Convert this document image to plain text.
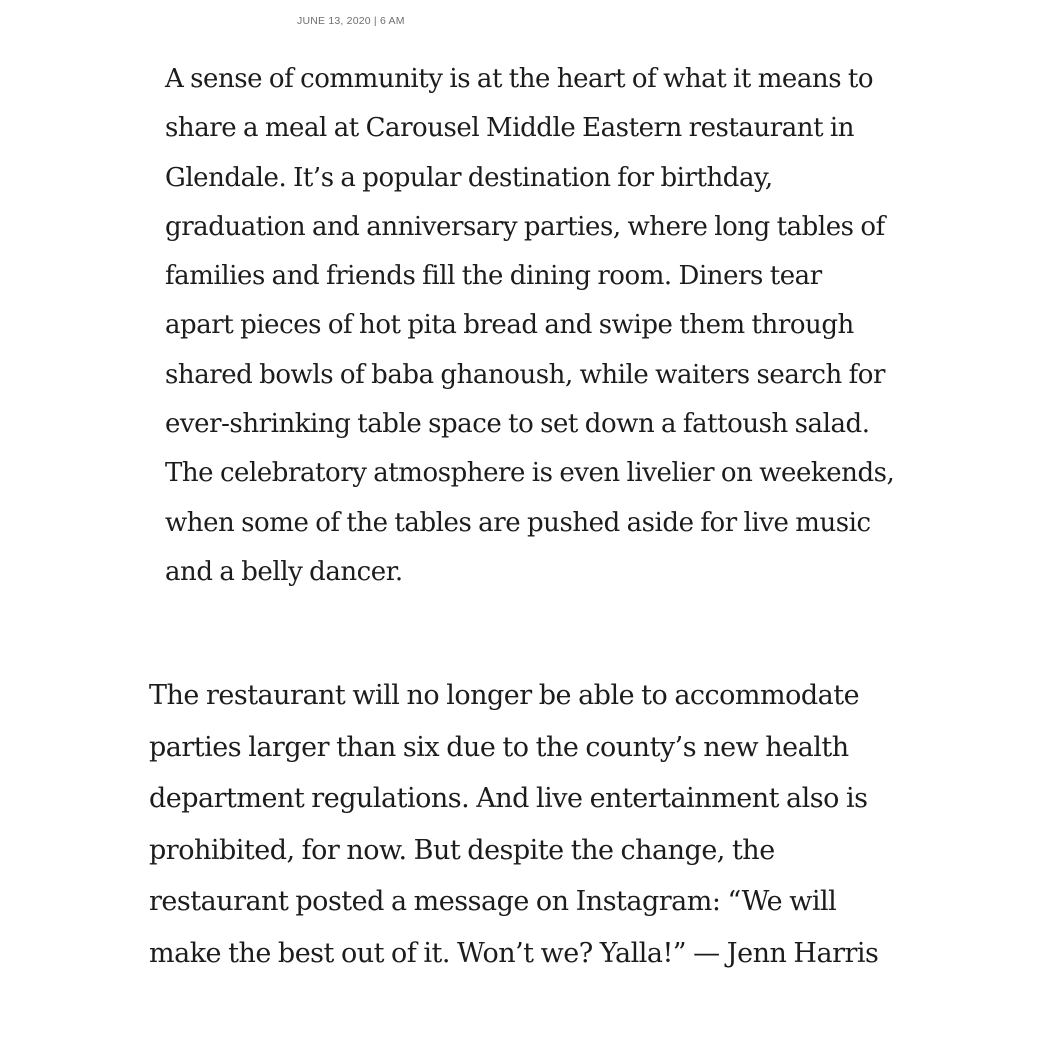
JUNE 13, 2020 | 6 AM

A sense of community is at the heart of what it means to
share a meal at Carousel Middle Eastern restaurant in
Glendale. It’s a popular destination for birthday,
graduation and anniversary parties, where long tables of
families and friends fill the dining room. Diners tear
apart pieces of hot pita bread and swipe them through
shared bowls of baba ghanoush, while waiters search for
ever-shrinking table space to set down a fattoush salad.
The celebratory atmosphere is even livelier on weekends,
when some of the tables are pushed aside for live music
and a belly dancer.

The restaurant will no longer be able to accommodate
parties larger than six due to the county’s new health
department regulations. And live entertainment also is
prohibited, for now. But despite the change, the
restaurant posted a message on Instagram: “We will
make the best out of it. Won’t we? Yalla!” — Jenn Harris
